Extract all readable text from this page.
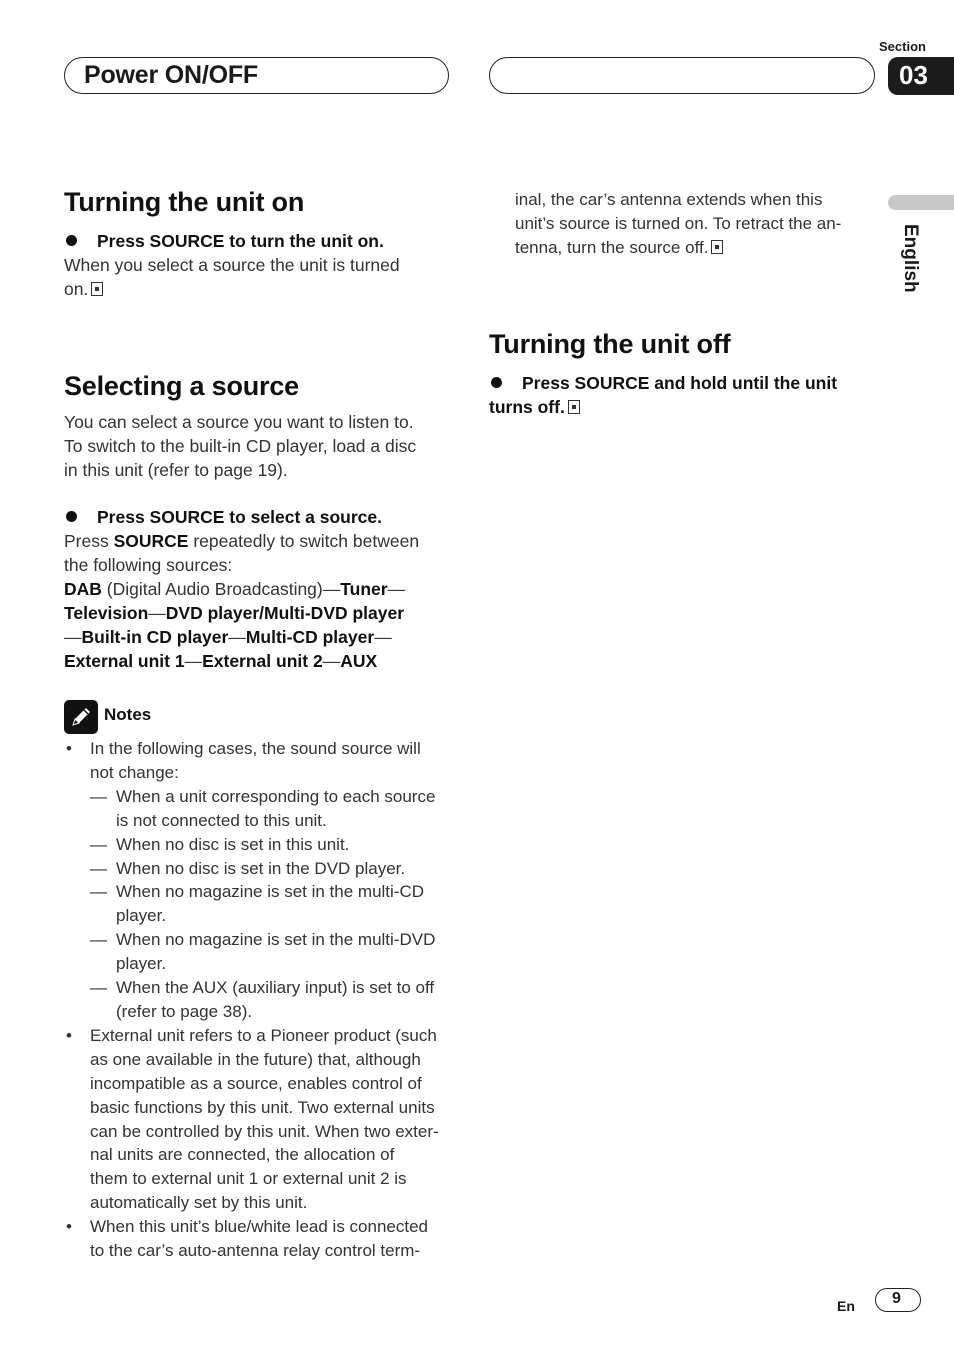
Section
Power ON/OFF	03
English
Turning the unit on
Press SOURCE to turn the unit on.
When you select a source the unit is turned
on.
Selecting a source
You can select a source you want to listen to.
To switch to the built-in CD player, load a disc
in this unit (refer to page 19).
Press SOURCE to select a source.
Press SOURCE repeatedly to switch between
the following sources:
DAB (Digital Audio Broadcasting)—Tuner—
Television—DVD player/Multi-DVD player
—Built-in CD player—Multi-CD player—
External unit 1—External unit 2—AUX
Notes
• In the following cases, the sound source will
not change:
— When a unit corresponding to each source
is not connected to this unit.
— When no disc is set in this unit.
— When no disc is set in the DVD player.
— When no magazine is set in the multi-CD
player.
— When no magazine is set in the multi-DVD
player.
— When the AUX (auxiliary input) is set to off
(refer to page 38).
• External unit refers to a Pioneer product (such
as one available in the future) that, although
incompatible as a source, enables control of
basic functions by this unit. Two external units
can be controlled by this unit. When two exter-
nal units are connected, the allocation of
them to external unit 1 or external unit 2 is
automatically set by this unit.
• When this unit’s blue/white lead is connected
to the car’s auto-antenna relay control term-
inal, the car’s antenna extends when this
unit’s source is turned on. To retract the an-
tenna, turn the source off.
Turning the unit off
Press SOURCE and hold until the unit
turns off.
En 9
